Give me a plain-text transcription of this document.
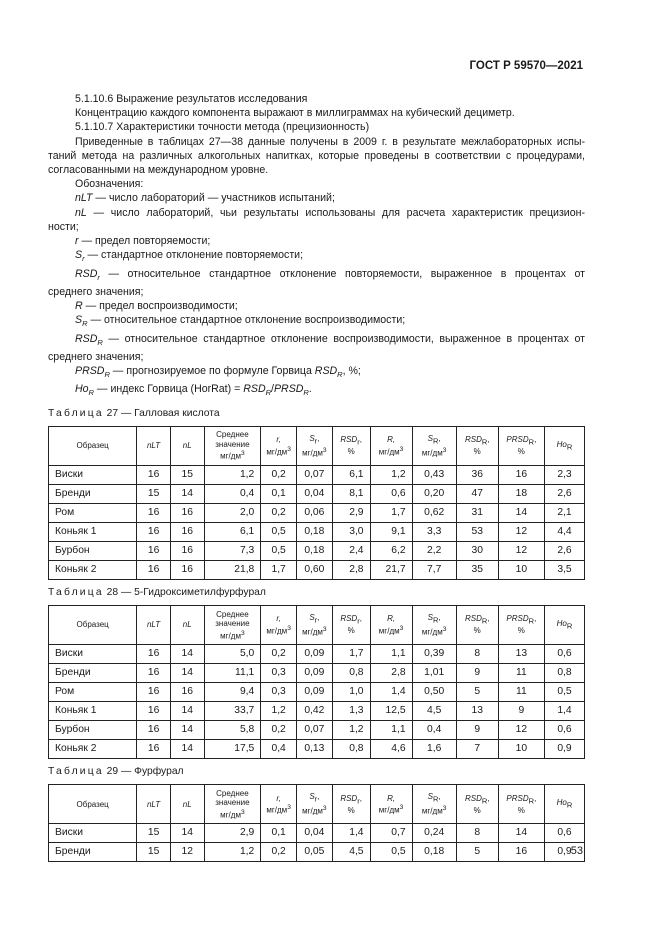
ГОСТ Р 59570—2021

5.1.10.6 Выражение результатов исследования

Концентрацию каждого компонента выражают в миллиграммах на кубический дециметр.

5.1.10.7 Характеристики точности метода (прецизионность)

Приведенные в таблицах 27—38 данные получены в 2009 г. в результате межлабораторных испы-

таний метода на различных алкогольных напитках, которые проведены в соответствии с процедурами,

согласованными на международном уровне.

Обозначения:

nLT — число лабораторий — участников испытаний;

nL — число лабораторий, чьи результаты использованы для расчета характеристик прецизион-

ности;

r — предел повторяемости;

$S_r$ — стандартное отклонение повторяемости;

$RSD_r$ — относительное стандартное отклонение повторяемости, выраженное в процентах от

среднего значения;

R — предел воспроизводимости;

$S_R$ — относительное стандартное отклонение воспроизводимости;

$RSD_R$ — относительное стандартное отклонение воспроизводимости, выраженное в процентах от

среднего значения;

$PRSD_R$ — прогнозируемое по формуле Горвица $RSD_R$, %;

$Ho_R$ — индекс Горвица (HorRat) = $RSD_R/PRSD_R$.

Таблица 27 — Галловая кислота
Образец	nLT	nL	Среднее
значение
$мг/дм^3$	r,
$мг/дм^3$	$S_r$,
$мг/дм^3$	$RSD_r$,
%	R,
$мг/дм^3$	$S_R$,
$мг/дм^3$	$RSD_R$,
%	$PRSD_R$,
%	$Ho_R$
Виски	16	15	1,2	0,2	0,07	6,1	1,2	0,43	36	16	2,3
Бренди	15	14	0,4	0,1	0,04	8,1	0,6	0,20	47	18	2,6
Ром	16	16	2,0	0,2	0,06	2,9	1,7	0,62	31	14	2,1
Коньяк 1	16	16	6,1	0,5	0,18	3,0	9,1	3,3	53	12	4,4
Бурбон	16	16	7,3	0,5	0,18	2,4	6,2	2,2	30	12	2,6
Коньяк 2	16	16	21,8	1,7	0,60	2,8	21,7	7,7	35	10	3,5
Таблица 28 — 5-Гидроксиметилфурфурал
Образец	nLT	nL	Среднее
значение
$мг/дм^3$	r,
$мг/дм^3$	$S_r$,
$мг/дм^3$	$RSD_r$,
%	R,
$мг/дм^3$	$S_R$,
$мг/дм^3$	$RSD_R$,
%	$PRSD_R$,
%	$Ho_R$
Виски	16	14	5,0	0,2	0,09	1,7	1,1	0,39	8	13	0,6
Бренди	16	14	11,1	0,3	0,09	0,8	2,8	1,01	9	11	0,8
Ром	16	16	9,4	0,3	0,09	1,0	1,4	0,50	5	11	0,5
Коньяк 1	16	14	33,7	1,2	0,42	1,3	12,5	4,5	13	9	1,4
Бурбон	16	14	5,8	0,2	0,07	1,2	1,1	0,4	9	12	0,6
Коньяк 2	16	14	17,5	0,4	0,13	0,8	4,6	1,6	7	10	0,9
Таблица 29 — Фурфурал
Образец	nLT	nL	Среднее
значение
$мг/дм^3$	r,
$мг/дм^3$	$S_r$,
$мг/дм^3$	$RSD_r$,
%	R,
$мг/дм^3$	$S_R$,
$мг/дм^3$	$RSD_R$,
%	$PRSD_R$,
%	$Ho_R$
Виски	15	14	2,9	0,1	0,04	1,4	0,7	0,24	8	14	0,6
Бренди	15	12	1,2	0,2	0,05	4,5	0,5	0,18	5	16	0,9 53
